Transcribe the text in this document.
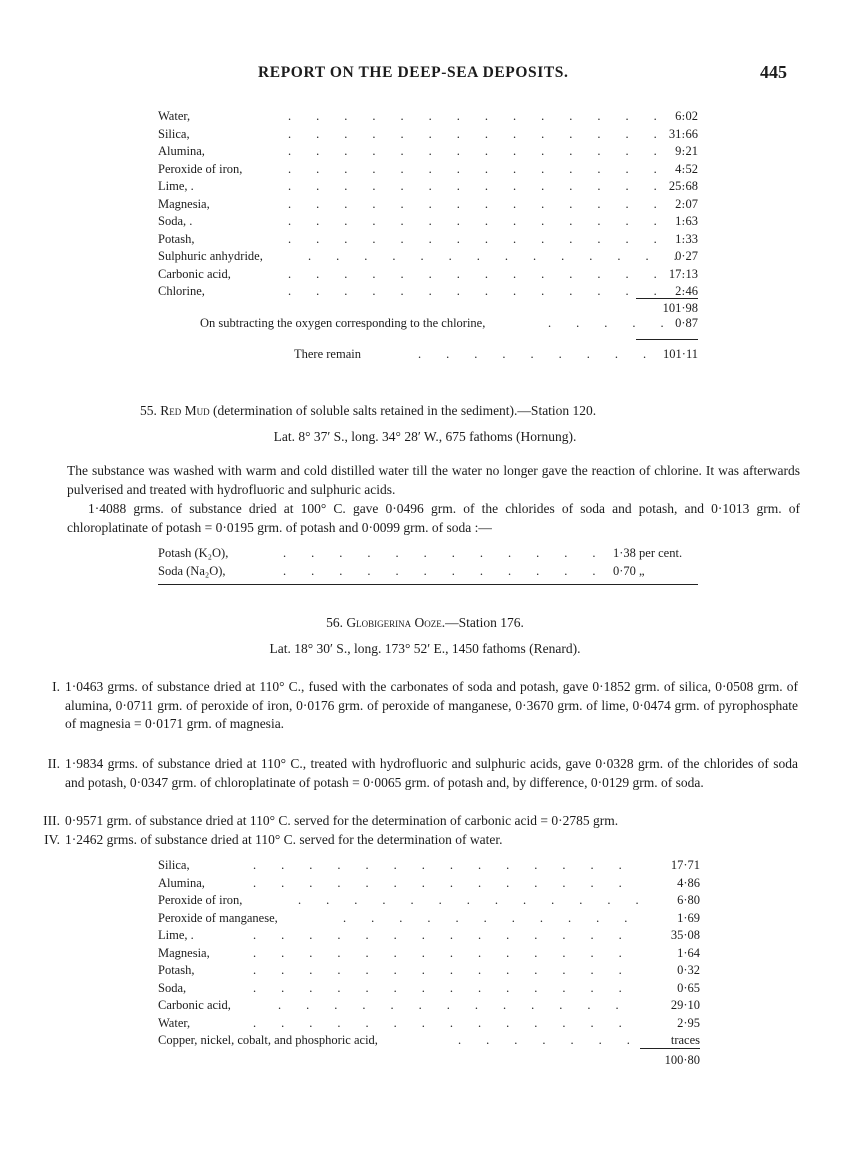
REPORT ON THE DEEP-SEA DEPOSITS.	445
Water, .	6·02
Silica, .	31·66
Alumina, .	9·21
Peroxide of iron, .	4·52
Lime, . .	25·68
Magnesia, .	2·07
Soda, . .	1·63
Potash, .	1·33
Sulphuric anhydride, .	0·27
Carbonic acid, .	17·13
Chlorine, .	2·46
101·98
On subtracting the oxygen corresponding to the chlorine, .	0·87
There remain .	101·11
55. Red Mud (determination of soluble salts retained in the sediment).—Station 120.
Lat. 8° 37′ S., long. 34° 28′ W., 675 fathoms (Hornung).
The substance was washed with warm and cold distilled water till the water no longer gave the reaction of chlorine. It was afterwards pulverised and treated with hydrofluoric and sulphuric acids.
1·4088 grms. of substance dried at 100° C. gave 0·0496 grm. of the chlorides of soda and potash, and 0·1013 grm. of chloroplatinate of potash = 0·0195 grm. of potash and 0·0099 grm. of soda :—
Potash (K₂O), .	1·38 per cent.
Soda (Na₂O), .	0·70 „
56. Globigerina Ooze.—Station 176.
Lat. 18° 30′ S., long. 173° 52′ E., 1450 fathoms (Renard).
I. 1·0463 grms. of substance dried at 110° C., fused with the carbonates of soda and potash, gave 0·1852 grm. of silica, 0·0508 grm. of alumina, 0·0711 grm. of peroxide of iron, 0·0176 grm. of peroxide of manganese, 0·3670 grm. of lime, 0·0474 grm. of pyrophosphate of magnesia = 0·0171 grm. of magnesia.
II. 1·9834 grms. of substance dried at 110° C., treated with hydrofluoric and sulphuric acids, gave 0·0328 grm. of the chlorides of soda and potash, 0·0347 grm. of chloroplatinate of potash = 0·0065 grm. of potash and, by difference, 0·0129 grm. of soda.
III. 0·9571 grm. of substance dried at 110° C. served for the determination of carbonic acid = 0·2785 grm.
IV. 1·2462 grms. of substance dried at 110° C. served for the determination of water.
Silica, .	17·71
Alumina, .	4·86
Peroxide of iron, .	6·80
Peroxide of manganese, .	1·69
Lime, . .	35·08
Magnesia, .	1·64
Potash, .	0·32
Soda, .	0·65
Carbonic acid, .	29·10
Water, .	2·95
Copper, nickel, cobalt, and phosphoric acid, .	traces
100·80
